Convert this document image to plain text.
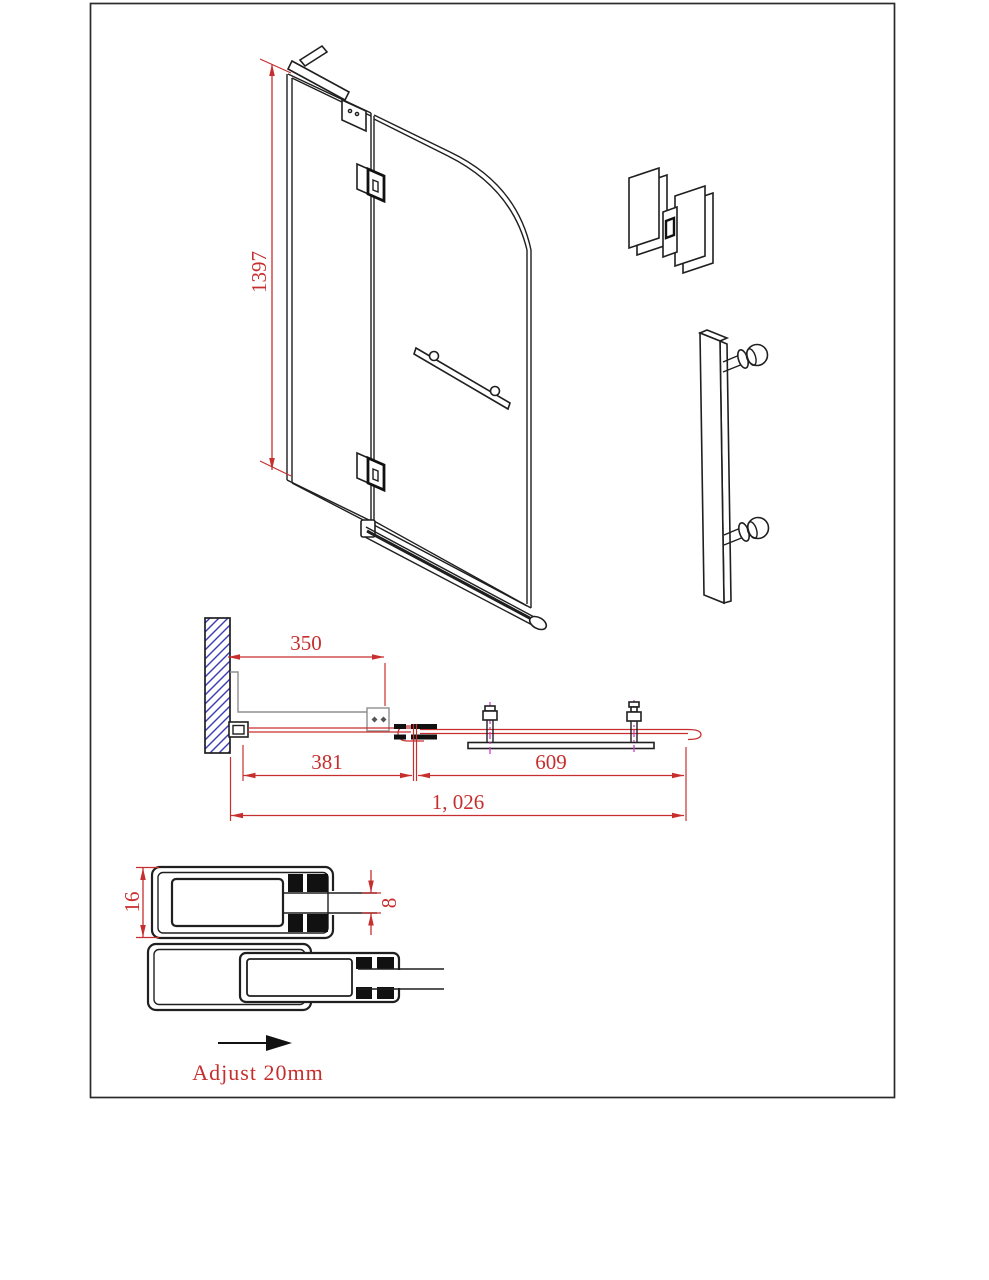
1397
350
381	609
1, 026
16	8
Adjust 20mm
